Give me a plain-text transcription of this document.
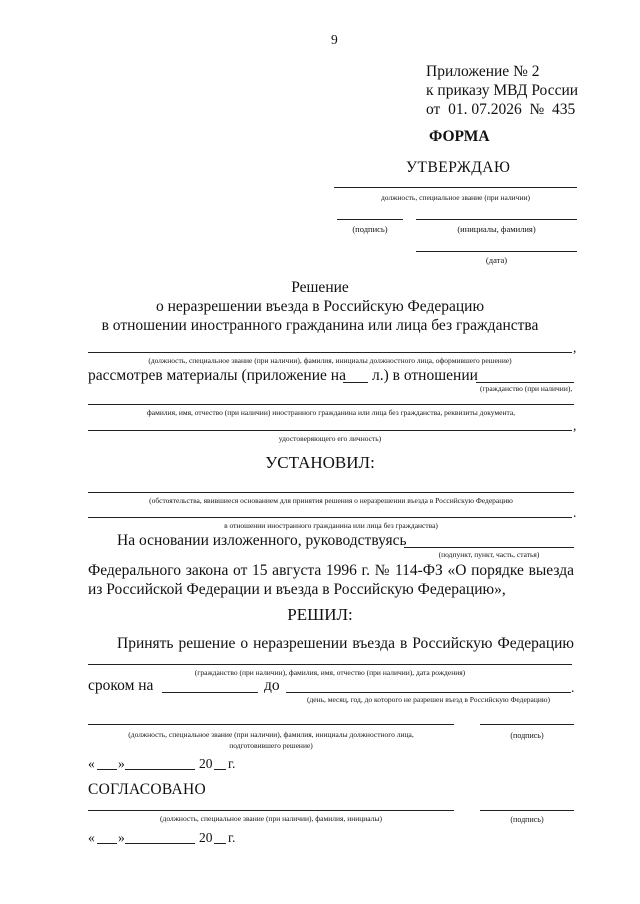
9
Приложение № 2
к приказу МВД России
от 01. 07.2026 № 435
ФОРМА
УТВЕРЖДАЮ
должность, специальное звание (при наличии)
(подпись)	(инициалы, фамилия)
(дата)
Решение
о неразрешении въезда в Российскую Федерацию
в отношении иностранного гражданина или лица без гражданства
,
(должность, специальное звание (при наличии), фамилия, инициалы должностного лица, оформившего решение)
рассмотрев материалы (приложение на л.) в отношении
(гражданство (при наличии),
фамилия, имя, отчество (при наличии) иностранного гражданина или лица без гражданства, реквизиты документа,
,
удостоверяющего его личность)
УСТАНОВИЛ:
(обстоятельства, явившиеся основанием для принятия решения о неразрешении въезда в Российскую Федерацию
.
в отношении иностранного гражданина или лица без гражданства)
На основании изложенного, руководствуясь
(подпункт, пункт, часть, статья)
Федерального закона от 15 августа 1996 г. № 114-ФЗ «О порядке выезда
из Российской Федерации и въезда в Российскую Федерацию»,
РЕШИЛ:
Принять решение о неразрешении въезда в Российскую Федерацию
(гражданство (при наличии), фамилия, имя, отчество (при наличии), дата рождения)
сроком на	до	.
(день, месяц, год, до которого не разрешен въезд в Российскую Федерацию)
(должность, специальное звание (при наличии), фамилия, инициалы должностного лица,
подготовившего решение)
(подпись)
« »	20 г.
СОГЛАСОВАНО
(должность, специальное звание (при наличии), фамилия, инициалы)	(подпись)
« »	20 г.
